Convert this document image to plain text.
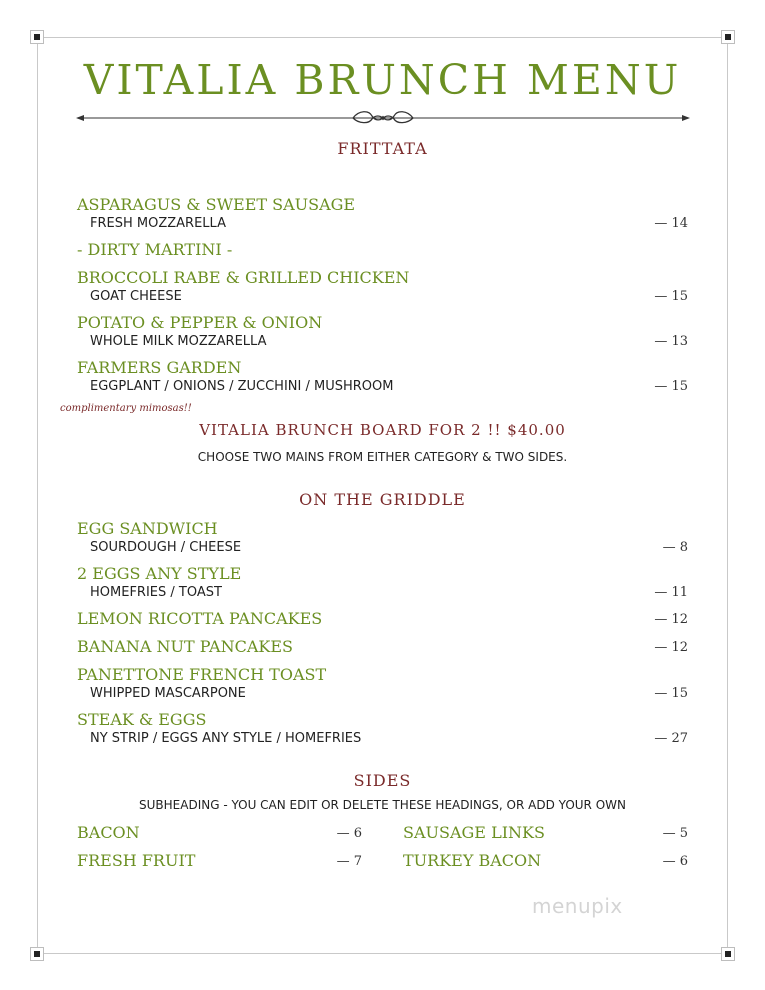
VITALIA BRUNCH MENU
FRITTATA
ASPARAGUS & SWEET SAUSAGE
FRESH MOZZARELLA	— 14
- DIRTY MARTINI -
BROCCOLI RABE & GRILLED CHICKEN
GOAT CHEESE	— 15
POTATO & PEPPER & ONION
WHOLE MILK MOZZARELLA	— 13
FARMERS GARDEN
EGGPLANT / ONIONS / ZUCCHINI / MUSHROOM	— 15
complimentary mimosas!!
VITALIA BRUNCH BOARD FOR 2 !! $40.00
CHOOSE TWO MAINS FROM EITHER CATEGORY & TWO SIDES.
ON THE GRIDDLE
EGG SANDWICH
SOURDOUGH / CHEESE	— 8
2 EGGS ANY STYLE
HOMEFRIES / TOAST	— 11
LEMON RICOTTA PANCAKES	— 12
BANANA NUT PANCAKES	— 12
PANETTONE FRENCH TOAST
WHIPPED MASCARPONE	— 15
STEAK & EGGS
NY STRIP / EGGS ANY STYLE / HOMEFRIES	— 27
SIDES
SUBHEADING - YOU CAN EDIT OR DELETE THESE HEADINGS, OR ADD YOUR OWN
BACON	— 6	SAUSAGE LINKS	— 5
FRESH FRUIT	— 7	TURKEY BACON	— 6
menupix
